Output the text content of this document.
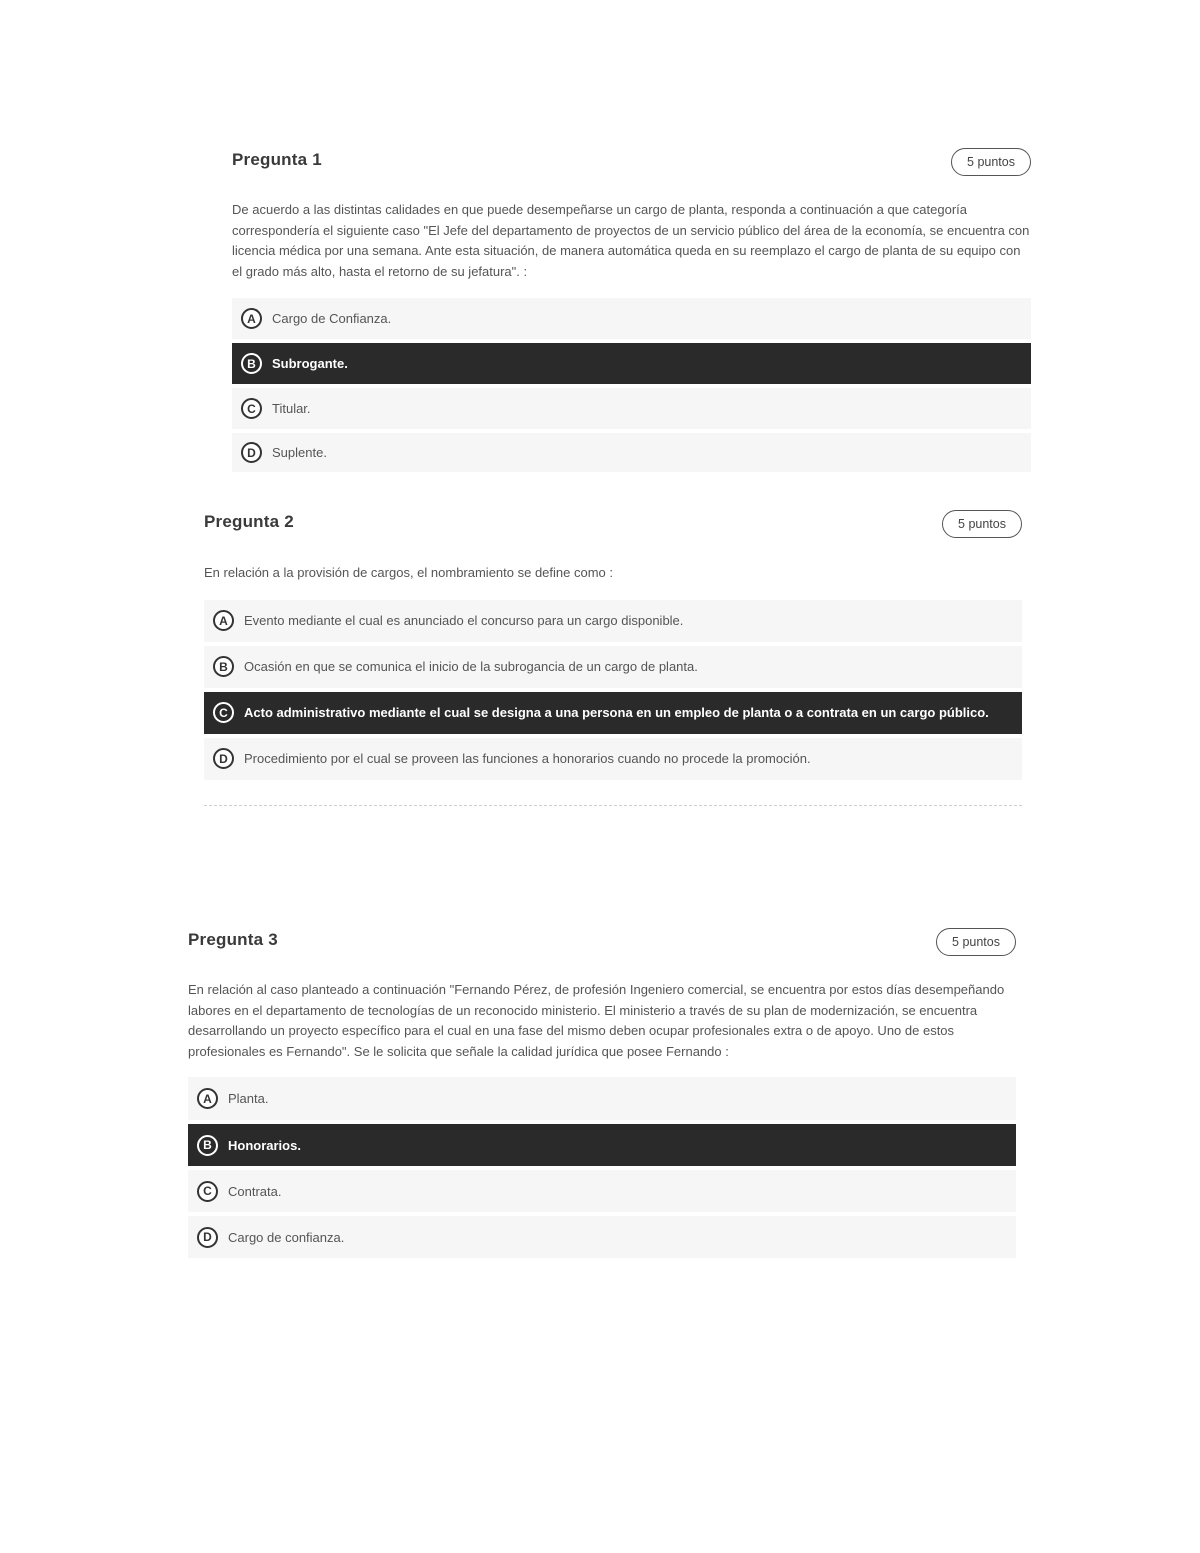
Pregunta 1	5 puntos

De acuerdo a las distintas calidades en que puede desempeñarse un cargo de planta, responda a continuación a que categoría correspondería el siguiente caso "El Jefe del departamento de proyectos de un servicio público del área de la economía, se encuentra con licencia médica por una semana. Ante esta situación, de manera automática queda en su reemplazo el cargo de planta de su equipo con el grado más alto, hasta el retorno de su jefatura". :

A	Cargo de Confianza.
B	Subrogante.
C	Titular.
D	Suplente.
Pregunta 2	5 puntos

En relación a la provisión de cargos, el nombramiento se define como :

A	Evento mediante el cual es anunciado el concurso para un cargo disponible.
B	Ocasión en que se comunica el inicio de la subrogancia de un cargo de planta.
C	Acto administrativo mediante el cual se designa a una persona en un empleo de planta o a contrata en un cargo público.
D	Procedimiento por el cual se proveen las funciones a honorarios cuando no procede la promoción.
Pregunta 3	5 puntos

En relación al caso planteado a continuación "Fernando Pérez, de profesión Ingeniero comercial, se encuentra por estos días desempeñando labores en el departamento de tecnologías de un reconocido ministerio. El ministerio a través de su plan de modernización, se encuentra desarrollando un proyecto específico para el cual en una fase del mismo deben ocupar profesionales extra o de apoyo. Uno de estos profesionales es Fernando". Se le solicita que señale la calidad jurídica que posee Fernando :

A	Planta.
B	Honorarios.
C	Contrata.
D	Cargo de confianza.
